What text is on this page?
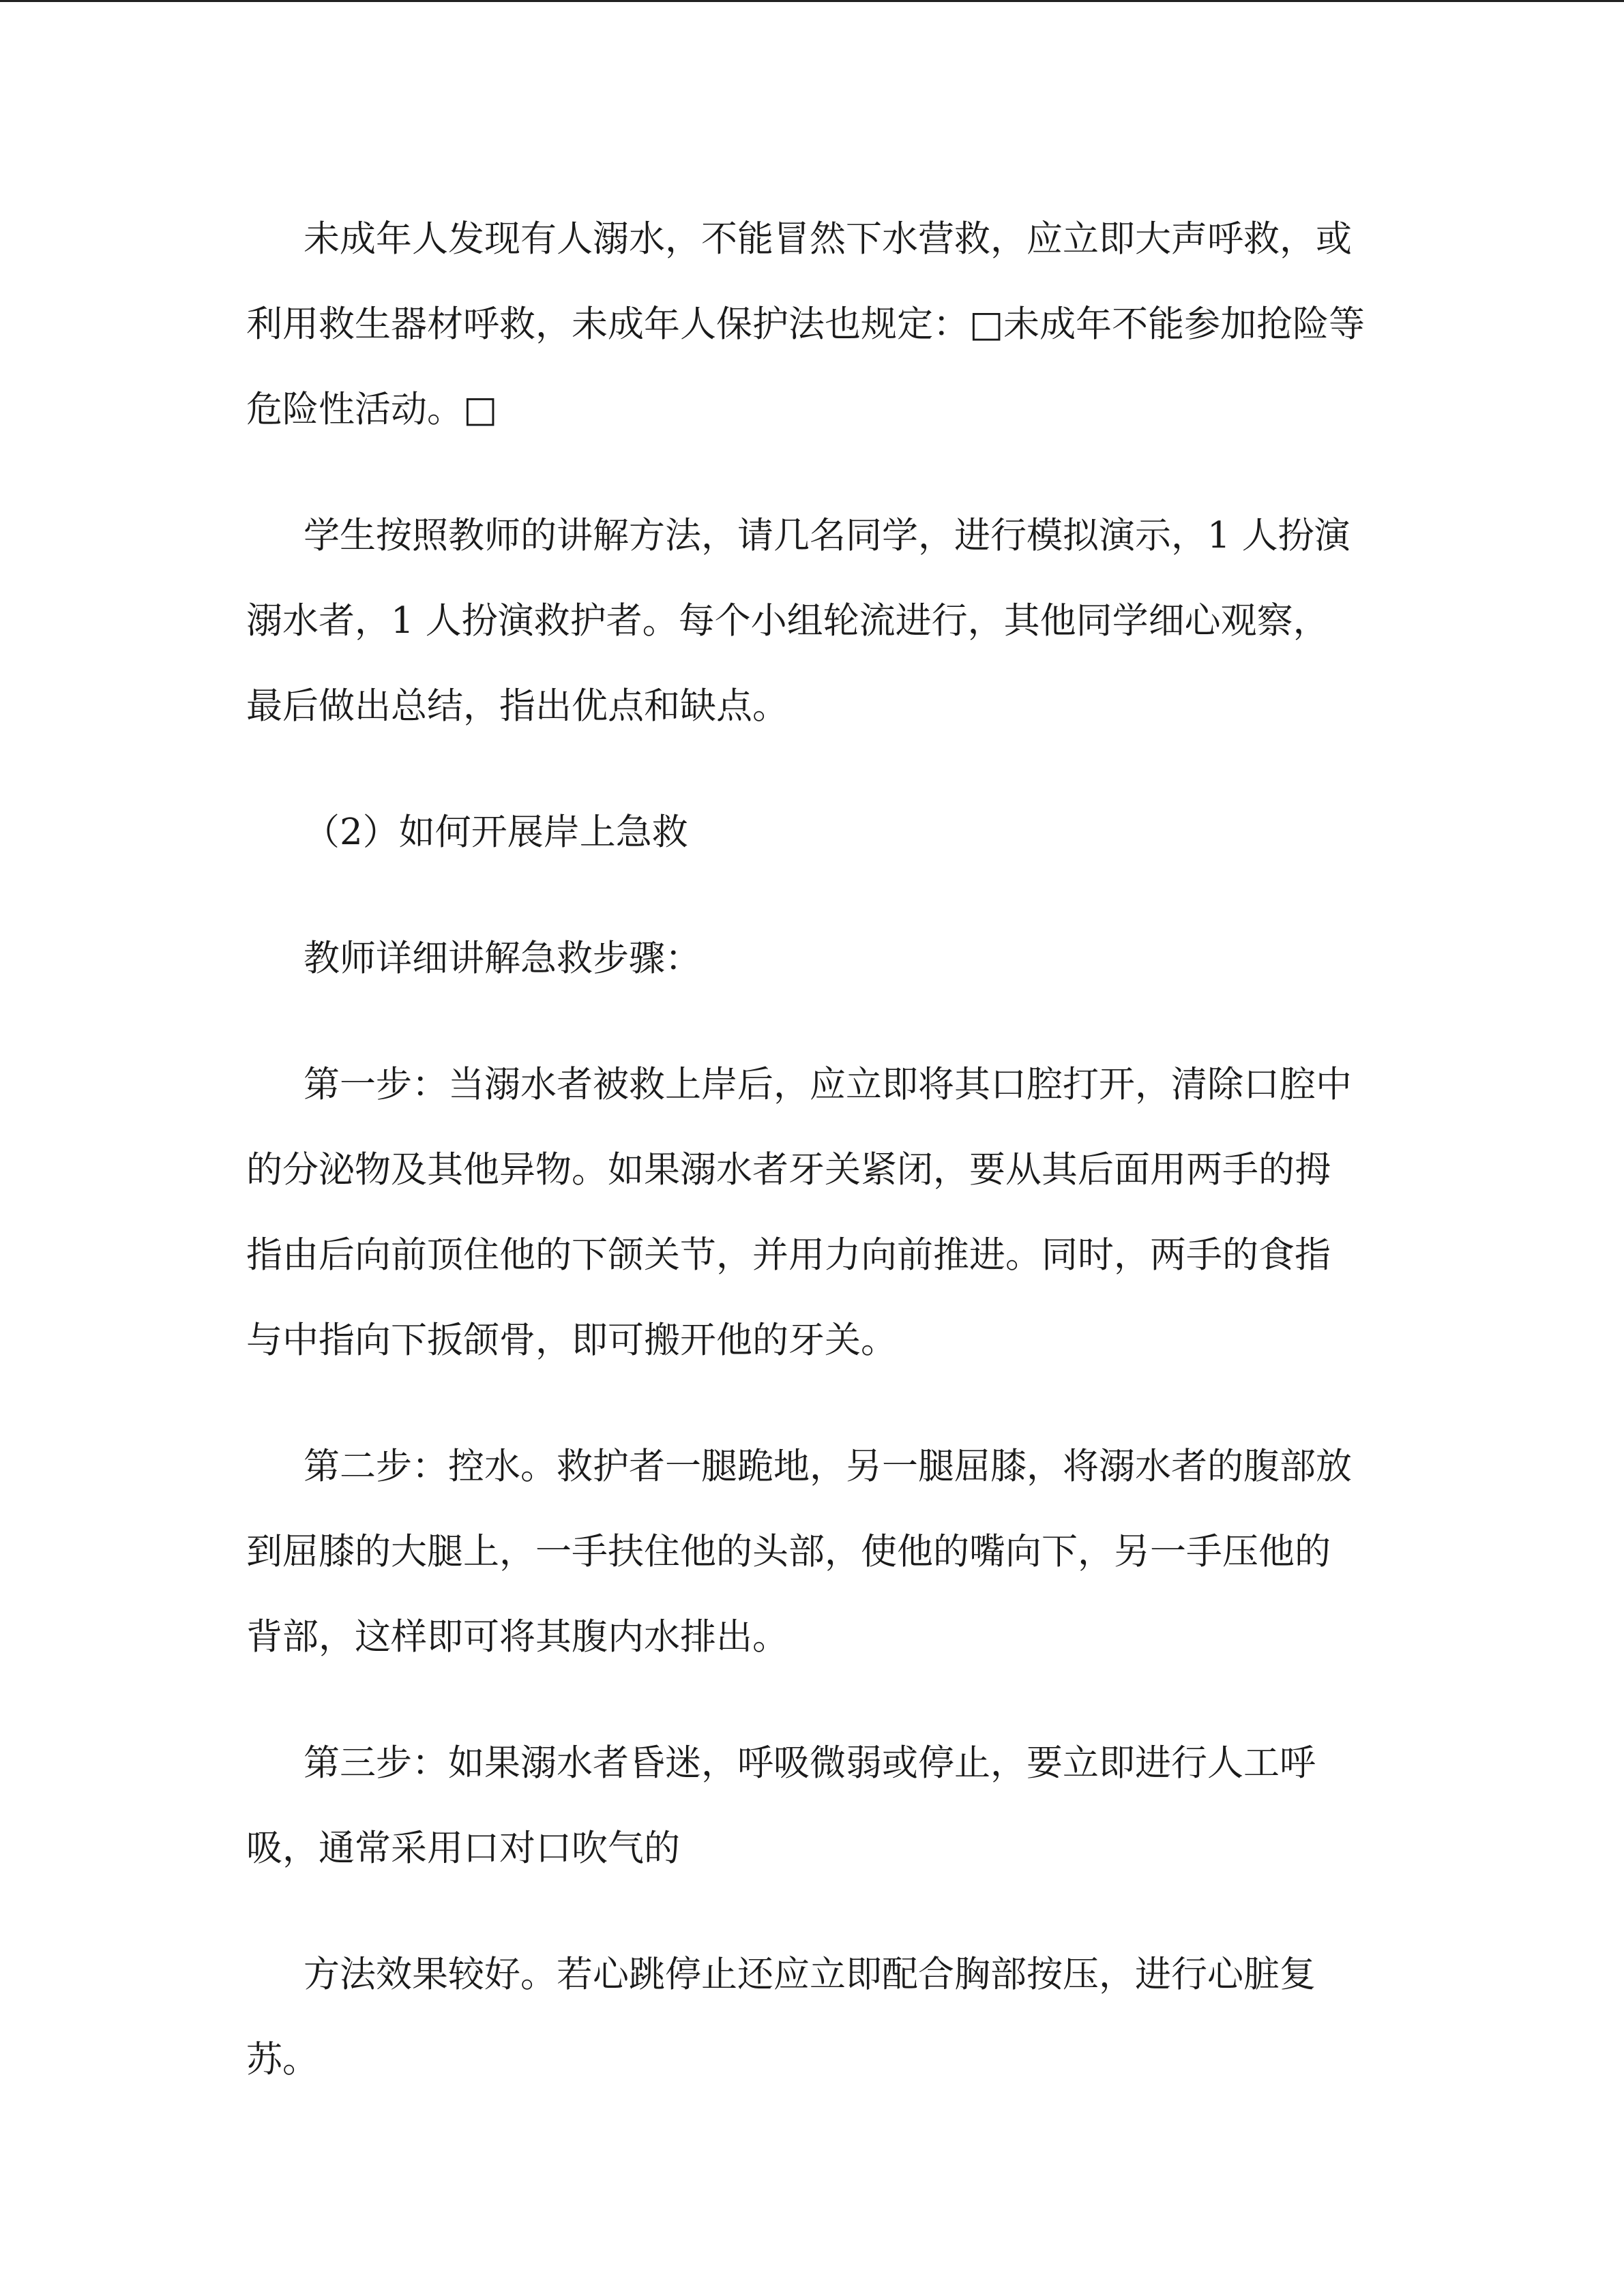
未成年人发现有人溺水，不能冒然下水营救，应立即大声呼救，或
利用救生器材呼救，未成年人保护法也规定：□未成年不能参加抢险等
危险性活动。□
学生按照教师的讲解方法，请几名同学，进行模拟演示，1 人扮演
溺水者，1 人扮演救护者。每个小组轮流进行，其他同学细心观察，
最后做出总结，指出优点和缺点。
（2）如何开展岸上急救
教师详细讲解急救步骤：
第一步：当溺水者被救上岸后，应立即将其口腔打开，清除口腔中
的分泌物及其他异物。如果溺水者牙关紧闭，要从其后面用两手的拇
指由后向前顶住他的下颌关节，并用力向前推进。同时，两手的食指
与中指向下扳颌骨，即可搬开他的牙关。
第二步：控水。救护者一腿跪地，另一腿屈膝，将溺水者的腹部放
到屈膝的大腿上，一手扶住他的头部，使他的嘴向下，另一手压他的
背部，这样即可将其腹内水排出。
第三步：如果溺水者昏迷，呼吸微弱或停止，要立即进行人工呼
吸，通常采用口对口吹气的
方法效果较好。若心跳停止还应立即配合胸部按压，进行心脏复
苏。
